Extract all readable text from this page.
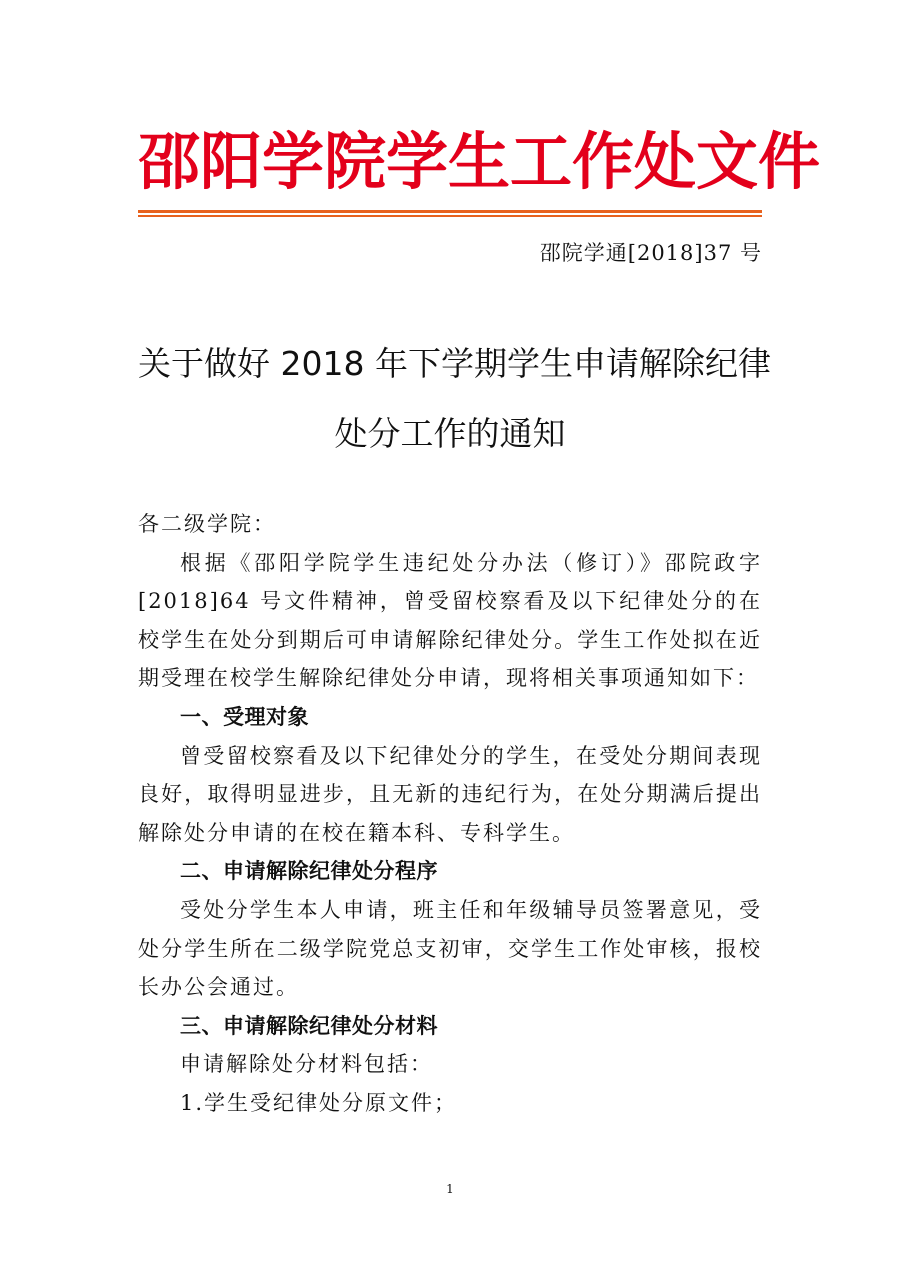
邵阳学院学生工作处文件
邵院学通[2018]37 号
关于做好 2018 年下学期学生申请解除纪律
处分工作的通知

各二级学院：

根据《邵阳学院学生违纪处分办法（修订）》邵院政字[2018]64 号文件精神，曾受留校察看及以下纪律处分的在校学生在处分到期后可申请解除纪律处分。学生工作处拟在近期受理在校学生解除纪律处分申请，现将相关事项通知如下：

一、受理对象

曾受留校察看及以下纪律处分的学生，在受处分期间表现良好，取得明显进步，且无新的违纪行为，在处分期满后提出解除处分申请的在校在籍本科、专科学生。

二、申请解除纪律处分程序

受处分学生本人申请，班主任和年级辅导员签署意见，受处分学生所在二级学院党总支初审，交学生工作处审核，报校长办公会通过。

三、申请解除纪律处分材料

申请解除处分材料包括：

1.学生受纪律处分原文件；

1
